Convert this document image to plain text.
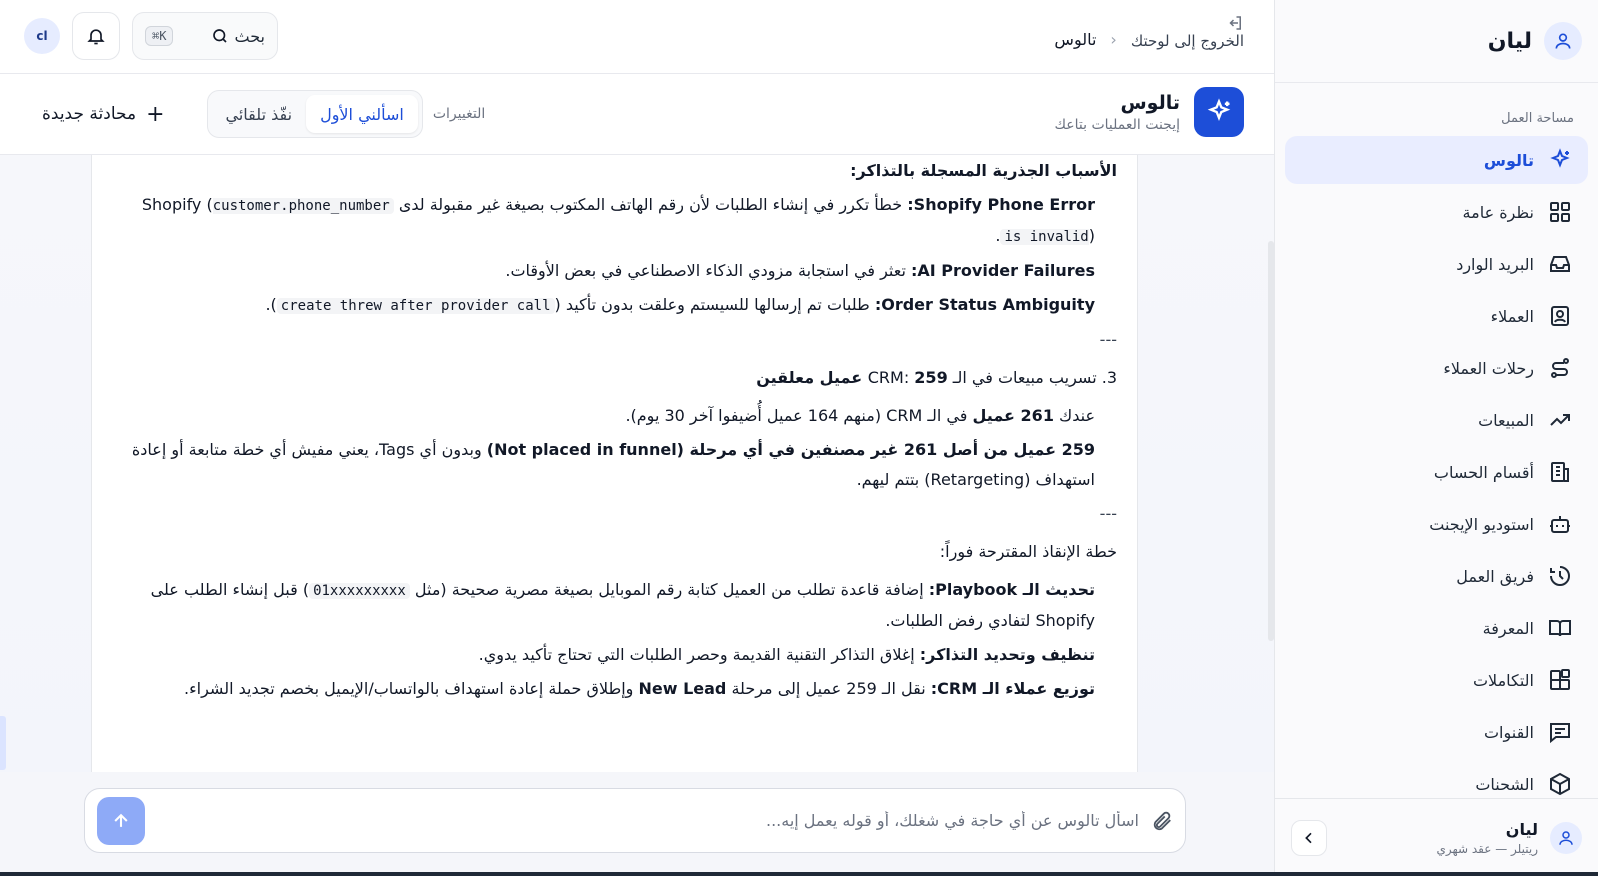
ليان
مساحة العمل
تالوس
نظرة عامة
البريد الوارد
العملاء
رحلات العملاء
المبيعات
أقسام الحساب
استوديو الإيجنت
فريق العمل
المعرفة
التكاملات
القنوات
الشحنات
ليان
ريتيلر — عقد شهري
الخروج إلى لوحتك
‹
تالوس
cl	⌘K	بحث
تالوس
إيجنت العمليات بتاعك
محادثة جديدة +	نفّذ تلقائي	اسألني الأول	التغييرات
الأسباب الجذرية المسجلة بالتذاكر:
Shopify Phone Error: خطأ تكرر في إنشاء الطلبات لأن رقم الهاتف المكتوب بصيغة غير مقبولة لدى Shopify (customer.phone_number is invalid).
AI Provider Failures: تعثر في استجابة مزودي الذكاء الاصطناعي في بعض الأوقات.
Order Status Ambiguity: طلبات تم إرسالها للسيستم وعلقت بدون تأكيد (create threw after provider call).
---
3. تسريب مبيعات في الـ CRM: 259 عميل معلقين
عندك 261 عميل في الـ CRM (منهم 164 عميل أُضيفوا آخر 30 يوم).
259 عميل من أصل 261 غير مصنفين في أي مرحلة (Not placed in funnel) وبدون أي Tags، يعني مفيش أي خطة متابعة أو إعادة استهداف (Retargeting) بتتم ليهم.
---
خطة الإنقاذ المقترحة فوراً:
تحديث الـ Playbook: إضافة قاعدة تطلب من العميل كتابة رقم الموبايل بصيغة مصرية صحيحة (مثل 01xxxxxxxxx) قبل إنشاء الطلب على Shopify لتفادي رفض الطلبات.
تنظيف وتحديد التذاكر: إغلاق التذاكر التقنية القديمة وحصر الطلبات التي تحتاج تأكيد يدوي.
توزيع عملاء الـ CRM: نقل الـ 259 عميل إلى مرحلة New Lead وإطلاق حملة إعادة استهداف بالواتساب/الإيميل بخصم تجديد الشراء.
اسأل تالوس عن أي حاجة في شغلك، أو قوله يعمل إيه...
